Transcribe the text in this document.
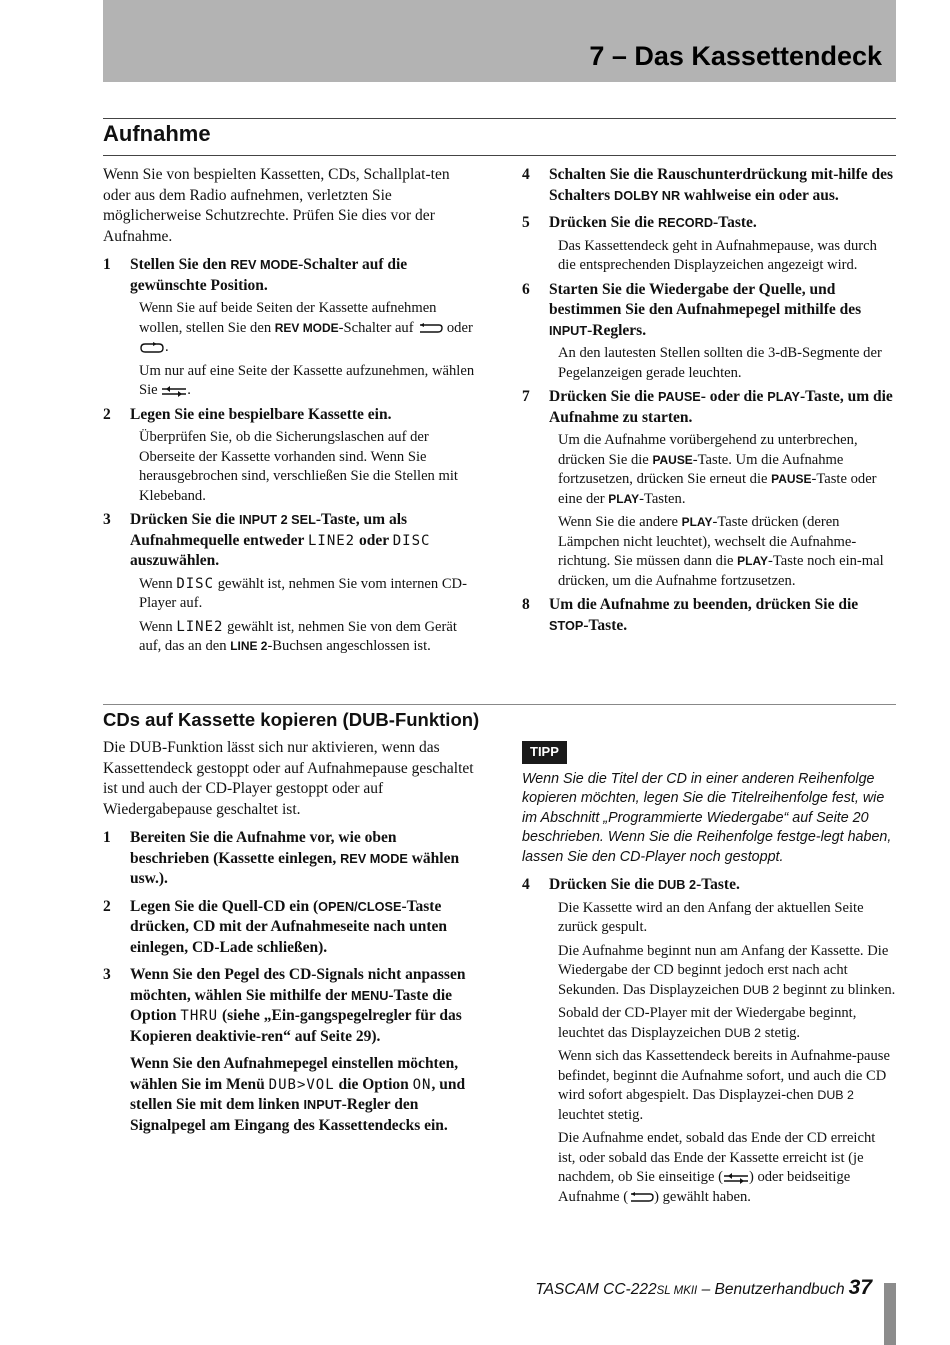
7 – Das Kassettendeck
Aufnahme

Wenn Sie von bespielten Kassetten, CDs, Schallplat-ten oder aus dem Radio aufnehmen, verletzten Sie möglicherweise Schutzrechte. Prüfen Sie dies vor der Aufnahme.

1	Stellen Sie den REV MODE-Schalter auf die gewünschte Position.

Wenn Sie auf beide Seiten der Kassette aufnehmen wollen, stellen Sie den REV MODE-Schalter auf  oder .

Um nur auf eine Seite der Kassette aufzunehmen, wählen Sie .

2	Legen Sie eine bespielbare Kassette ein.

Überprüfen Sie, ob die Sicherungslaschen auf der Oberseite der Kassette vorhanden sind. Wenn Sie herausgebrochen sind, verschließen Sie die Stellen mit Klebeband.

3	Drücken Sie die INPUT 2 SEL-Taste, um als Aufnahmequelle entweder LINE2 oder DISC auszuwählen.

Wenn DISC gewählt ist, nehmen Sie vom internen CD-Player auf.

Wenn LINE2 gewählt ist, nehmen Sie von dem Gerät auf, das an den LINE 2-Buchsen angeschlossen ist.

4	Schalten Sie die Rauschunterdrückung mit-hilfe des Schalters DOLBY NR wahlweise ein oder aus.
5	Drücken Sie die RECORD-Taste.

Das Kassettendeck geht in Aufnahmepause, was durch die entsprechenden Displayzeichen angezeigt wird.

6	Starten Sie die Wiedergabe der Quelle, und bestimmen Sie den Aufnahmepegel mithilfe des INPUT-Reglers.

An den lautesten Stellen sollten die 3-dB-Segmente der Pegelanzeigen gerade leuchten.

7	Drücken Sie die PAUSE- oder die PLAY-Taste, um die Aufnahme zu starten.

Um die Aufnahme vorübergehend zu unterbrechen, drücken Sie die PAUSE-Taste. Um die Aufnahme fortzusetzen, drücken Sie erneut die PAUSE-Taste oder eine der PLAY-Tasten.

Wenn Sie die andere PLAY-Taste drücken (deren Lämpchen nicht leuchtet), wechselt die Aufnahme-richtung. Sie müssen dann die PLAY-Taste noch ein-mal drücken, um die Aufnahme fortzusetzen.

8	Um die Aufnahme zu beenden, drücken Sie die STOP-Taste.
CDs auf Kassette kopieren (DUB-Funktion)

Die DUB-Funktion lässt sich nur aktivieren, wenn das Kassettendeck gestoppt oder auf Aufnahmepause geschaltet ist und auch der CD-Player gestoppt oder auf Wiedergabepause geschaltet ist.

1	Bereiten Sie die Aufnahme vor, wie oben beschrieben (Kassette einlegen, REV MODE wählen usw.).
2	Legen Sie die Quell-CD ein (OPEN/CLOSE-Taste drücken, CD mit der Aufnahmeseite nach unten einlegen, CD-Lade schließen).
3	Wenn Sie den Pegel des CD-Signals nicht anpassen möchten, wählen Sie mithilfe der MENU-Taste die Option THRU (siehe „Ein-gangspegelregler für das Kopieren deaktivie-ren“ auf Seite 29).
Wenn Sie den Aufnahmepegel einstellen möchten, wählen Sie im Menü DUB>VOL die Option ON, und stellen Sie mit dem linken INPUT-Regler den Signalpegel am Eingang des Kassettendecks ein.
TIPP

Wenn Sie die Titel der CD in einer anderen Reihenfolge kopieren möchten, legen Sie die Titelreihenfolge fest, wie im Abschnitt „Programmierte Wiedergabe“ auf Seite 20 beschrieben. Wenn Sie die Reihenfolge festge-legt haben, lassen Sie den CD-Player noch gestoppt.

4	Drücken Sie die DUB 2-Taste.

Die Kassette wird an den Anfang der aktuellen Seite zurück gespult.

Die Aufnahme beginnt nun am Anfang der Kassette. Die Wiedergabe der CD beginnt jedoch erst nach acht Sekunden. Das Displayzeichen DUB 2 beginnt zu blinken.

Sobald der CD-Player mit der Wiedergabe beginnt, leuchtet das Displayzeichen DUB 2 stetig.

Wenn sich das Kassettendeck bereits in Aufnahme-pause befindet, beginnt die Aufnahme sofort, und auch die CD wird sofort abgespielt. Das Displayzei-chen DUB 2 leuchtet stetig.

Die Aufnahme endet, sobald das Ende der CD erreicht ist, oder sobald das Ende der Kassette erreicht ist (je nachdem, ob Sie einseitige ( ) oder beidseitige Aufnahme ( ) gewählt haben.

TASCAM CC-222SL MKII – Benutzerhandbuch 37
